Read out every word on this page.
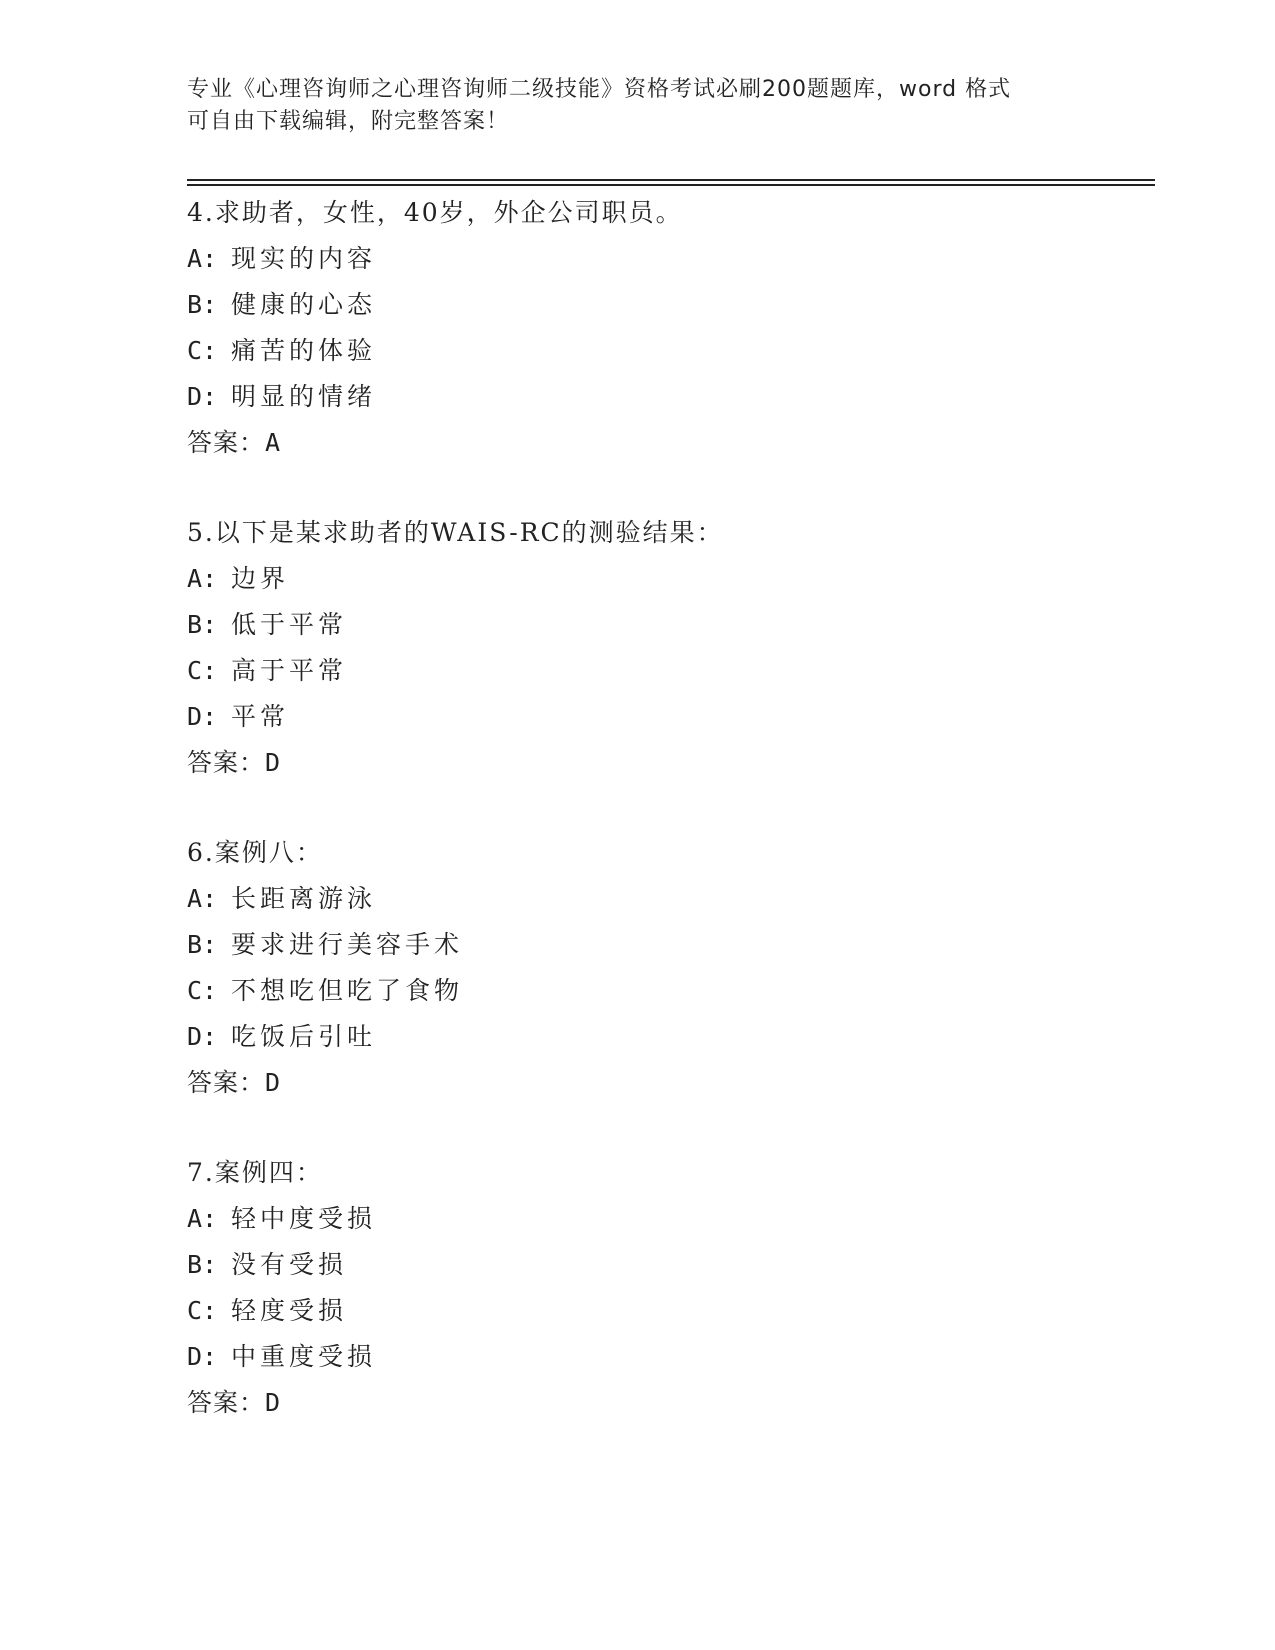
专业《心理咨询师之心理咨询师二级技能》资格考试必刷200题题库，word 格式
可自由下载编辑，附完整答案！
4.求助者，女性，40岁，外企公司职员。
A: 现实的内容
B: 健康的心态
C: 痛苦的体验
D: 明显的情绪
答案：A
5.以下是某求助者的WAIS-RC的测验结果：
A: 边界
B: 低于平常
C: 高于平常
D: 平常
答案：D
6.案例八：
A: 长距离游泳
B: 要求进行美容手术
C: 不想吃但吃了食物
D: 吃饭后引吐
答案：D
7.案例四：
A: 轻中度受损
B: 没有受损
C: 轻度受损
D: 中重度受损
答案：D
